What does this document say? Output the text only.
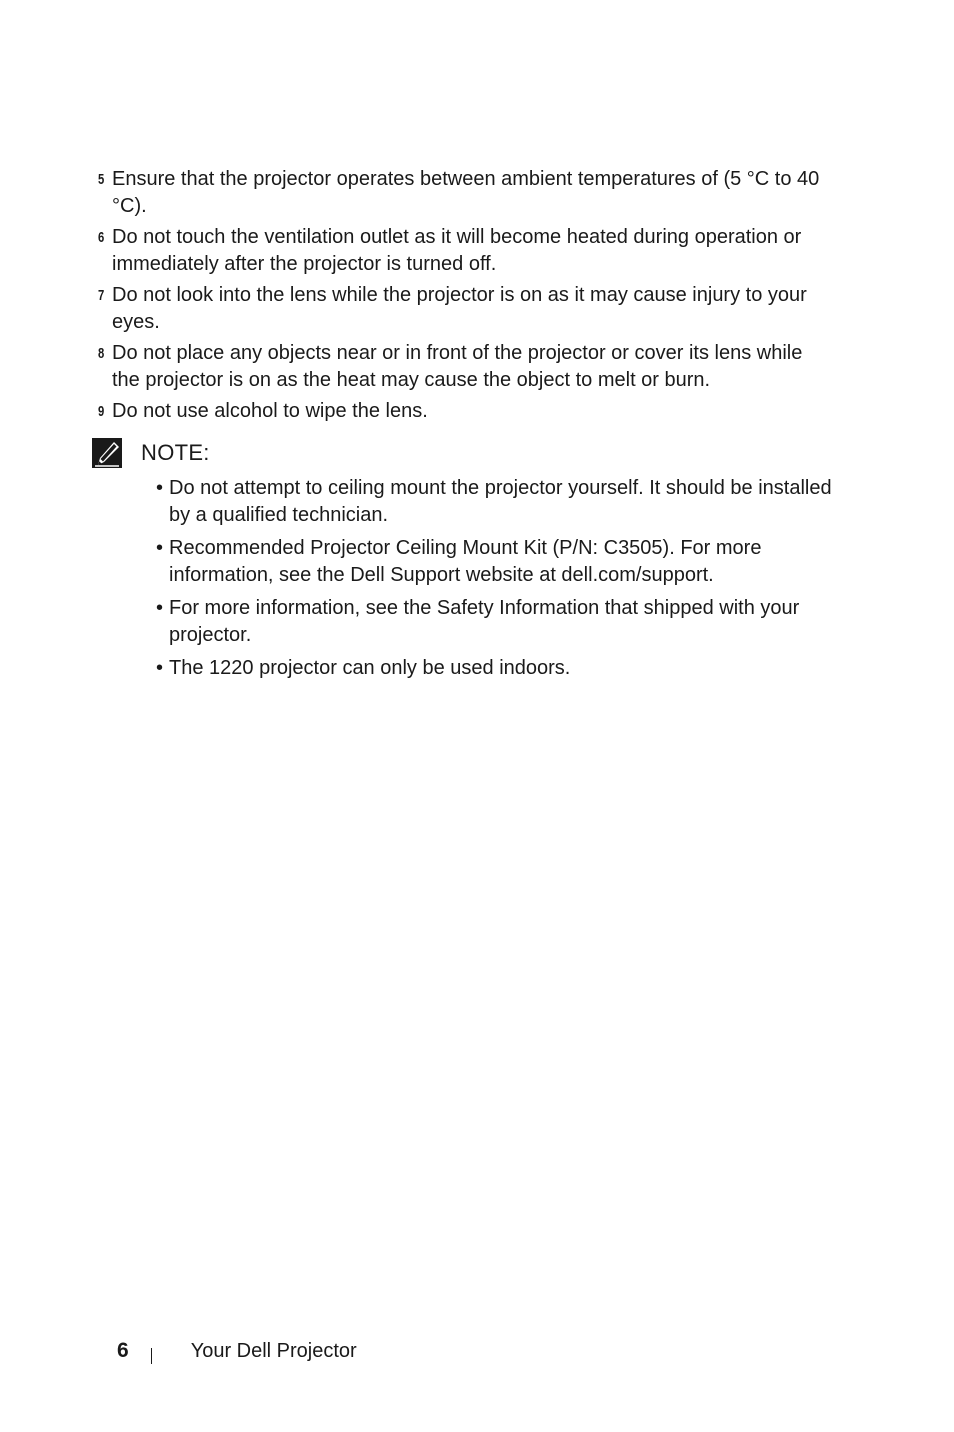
5 Ensure that the projector operates between ambient temperatures of (5 °C to 40 °C).
6 Do not touch the ventilation outlet as it will become heated during operation or immediately after the projector is turned off.
7 Do not look into the lens while the projector is on as it may cause injury to your eyes.
8 Do not place any objects near or in front of the projector or cover its lens while the projector is on as the heat may cause the object to melt or burn.
9 Do not use alcohol to wipe the lens.
NOTE:
• Do not attempt to ceiling mount the projector yourself. It should be installed by a qualified technician.
• Recommended Projector Ceiling Mount Kit (P/N: C3505). For more information, see the Dell Support website at dell.com/support.
• For more information, see the Safety Information that shipped with your projector.
• The 1220 projector can only be used indoors.
6	Your Dell Projector
